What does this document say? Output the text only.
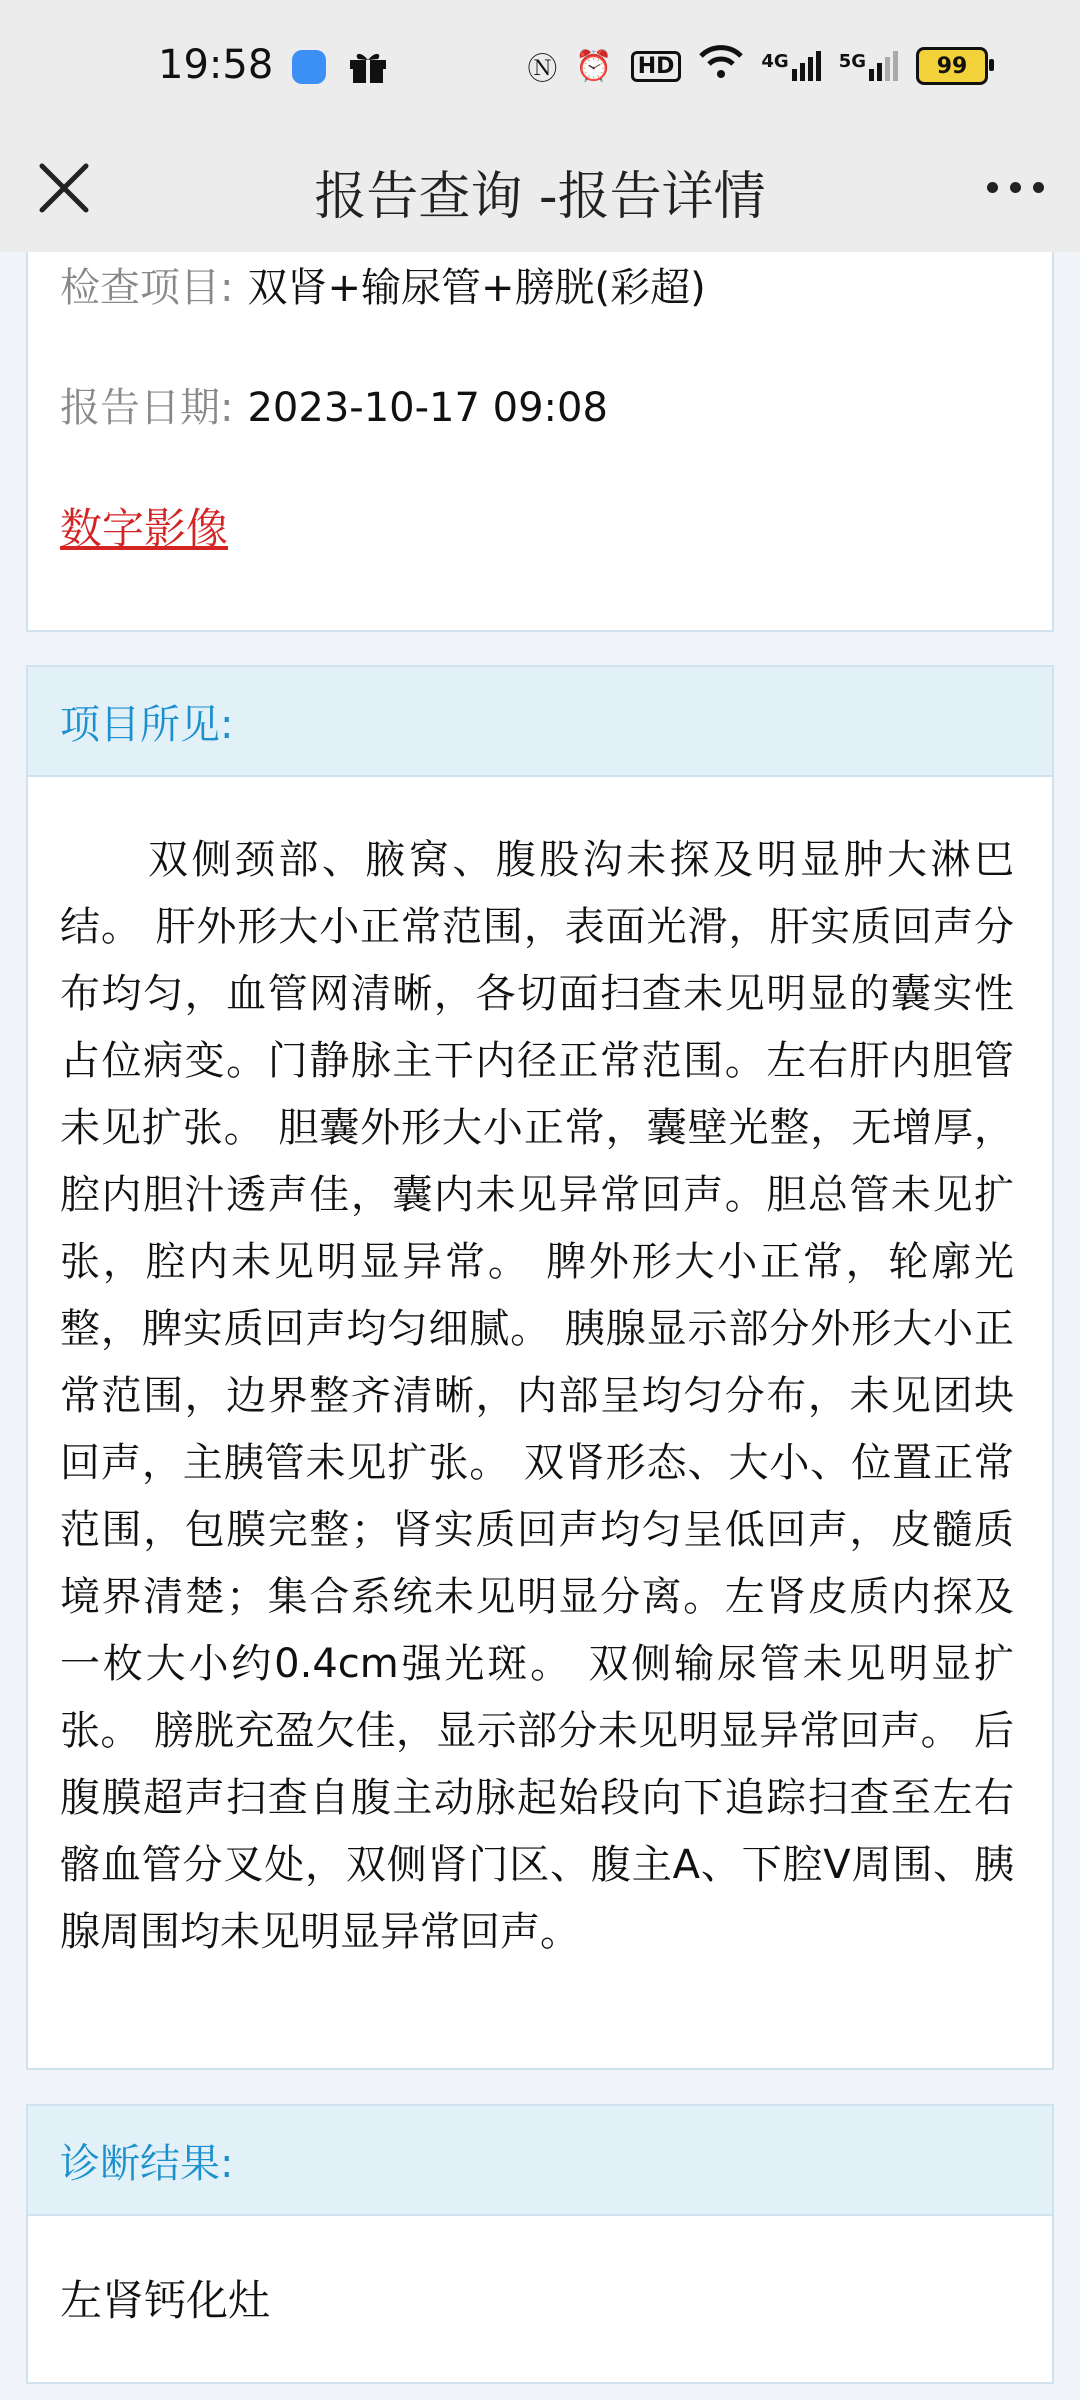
19:58	Ⓝ ⏰	HD	4G	5G	99
报告查询 -报告详情
检查项目: 双肾+输尿管+膀胱(彩超)
报告日期: 2023-10-17 09:08
数字影像
项目所见:
双侧颈部、腋窝、腹股沟未探及明显肿大淋巴结。 肝外形大小正常范围，表面光滑，肝实质回声分布均匀，血管网清晰，各切面扫查未见明显的囊实性占位病变。门静脉主干内径正常范围。左右肝内胆管未见扩张。 胆囊外形大小正常，囊壁光整，无增厚，腔内胆汁透声佳，囊内未见异常回声。胆总管未见扩张，腔内未见明显异常。 脾外形大小正常，轮廓光整，脾实质回声均匀细腻。 胰腺显示部分外形大小正常范围，边界整齐清晰，内部呈均匀分布，未见团块回声，主胰管未见扩张。 双肾形态、大小、位置正常范围，包膜完整；肾实质回声均匀呈低回声，皮髓质境界清楚；集合系统未见明显分离。左肾皮质内探及一枚大小约0.4cm强光斑。 双侧输尿管未见明显扩张。 膀胱充盈欠佳，显示部分未见明显异常回声。 后腹膜超声扫查自腹主动脉起始段向下追踪扫查至左右髂血管分叉处，双侧肾门区、腹主A、下腔V周围、胰腺周围均未见明显异常回声。
诊断结果:
左肾钙化灶
